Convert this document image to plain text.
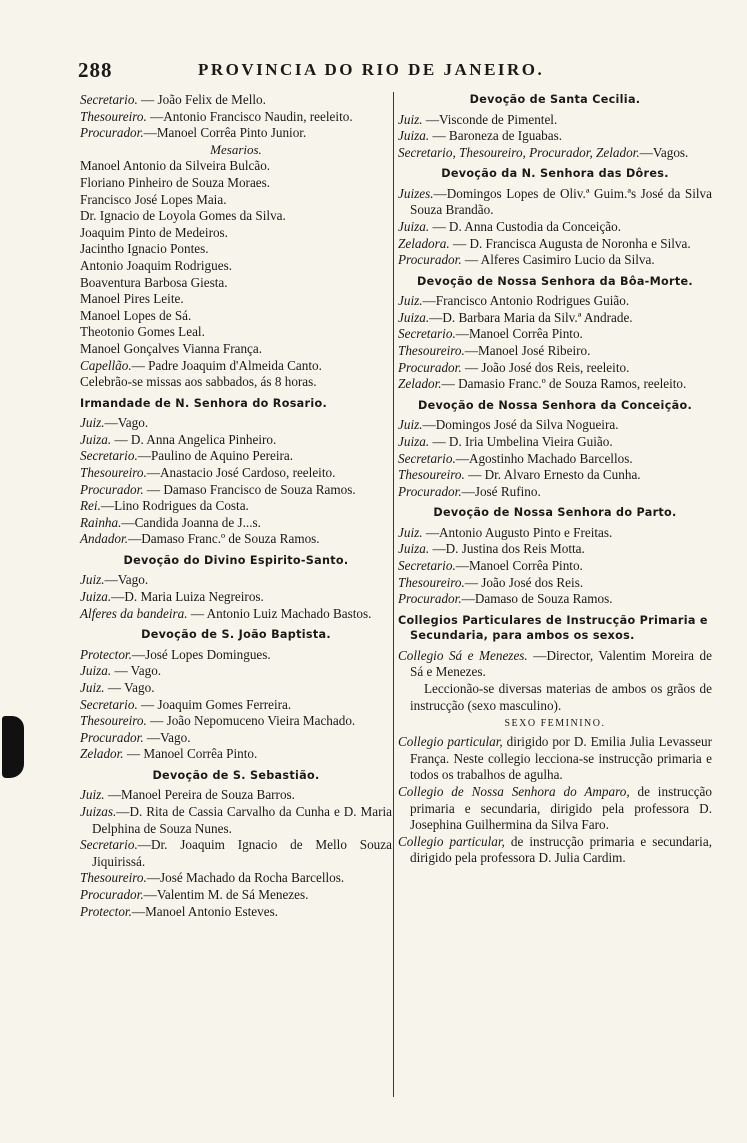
288	PROVINCIA DO RIO DE JANEIRO.
Secretario. — João Felix de Mello.
Thesoureiro. —Antonio Francisco Naudin, reeleito.
Procurador.—Manoel Corrêa Pinto Junior.
Mesarios.
Manoel Antonio da Silveira Bulcão.
Floriano Pinheiro de Souza Moraes.
Francisco José Lopes Maia.
Dr. Ignacio de Loyola Gomes da Silva.
Joaquim Pinto de Medeiros.
Jacintho Ignacio Pontes.
Antonio Joaquim Rodrigues.
Boaventura Barbosa Giesta.
Manoel Pires Leite.
Manoel Lopes de Sá.
Theotonio Gomes Leal.
Manoel Gonçalves Vianna França.
Capellão.— Padre Joaquim d'Almeida Canto.
Celebrão-se missas aos sabbados, ás 8 horas.
Irmandade de N. Senhora do Rosario.
Juiz.—Vago.
Juiza. — D. Anna Angelica Pinheiro.
Secretario.—Paulino de Aquino Pereira.
Thesoureiro.—Anastacio José Cardoso, reeleito.
Procurador. — Damaso Francisco de Souza Ramos.
Rei.—Lino Rodrigues da Costa.
Rainha.—Candida Joanna de J...s.
Andador.—Damaso Franc.º de Souza Ramos.
Devoção do Divino Espirito-Santo.
Juiz.—Vago.
Juiza.—D. Maria Luiza Negreiros.
Alferes da bandeira. — Antonio Luiz Machado Bastos.
Devoção de S. João Baptista.
Protector.—José Lopes Domingues.
Juiza. — Vago.
Juiz. — Vago.
Secretario. — Joaquim Gomes Ferreira.
Thesoureiro. — João Nepomuceno Vieira Machado.
Procurador. —Vago.
Zelador. — Manoel Corrêa Pinto.
Devoção de S. Sebastião.
Juiz. —Manoel Pereira de Souza Barros.
Juizas.—D. Rita de Cassia Carvalho da Cunha e D. Maria Delphina de Souza Nunes.
Secretario.—Dr. Joaquim Ignacio de Mello Souza Jiquirissá.
Thesoureiro.—José Machado da Rocha Barcellos.
Procurador.—Valentim M. de Sá Menezes.
Protector.—Manoel Antonio Esteves.
Devoção de Santa Cecilia.
Juiz. —Visconde de Pimentel.
Juiza. — Baroneza de Iguabas.
Secretario, Thesoureiro, Procurador, Zelador.—Vagos.
Devoção da N. Senhora das Dôres.
Juizes.—Domingos Lopes de Oliv.ª Guim.ªs José da Silva Souza Brandão.
Juiza. — D. Anna Custodia da Conceição.
Zeladora. — D. Francisca Augusta de Noronha e Silva.
Procurador. — Alferes Casimiro Lucio da Silva.
Devoção de Nossa Senhora da Bôa-Morte.
Juiz.—Francisco Antonio Rodrigues Guião.
Juiza.—D. Barbara Maria da Silv.ª Andrade.
Secretario.—Manoel Corrêa Pinto.
Thesoureiro.—Manoel José Ribeiro.
Procurador. — João José dos Reis, reeleito.
Zelador.— Damasio Franc.º de Souza Ramos, reeleito.
Devoção de Nossa Senhora da Conceição.
Juiz.—Domingos José da Silva Nogueira.
Juiza. — D. Iria Umbelina Vieira Guião.
Secretario.—Agostinho Machado Barcellos.
Thesoureiro. — Dr. Alvaro Ernesto da Cunha.
Procurador.—José Rufino.
Devoção de Nossa Senhora do Parto.
Juiz. —Antonio Augusto Pinto e Freitas.
Juiza. —D. Justina dos Reis Motta.
Secretario.—Manoel Corrêa Pinto.
Thesoureiro.— João José dos Reis.
Procurador.—Damaso de Souza Ramos.
Collegios Particulares de Instrucção Primaria e Secundaria, para ambos os sexos.
Collegio Sá e Menezes. —Director, Valentim Moreira de Sá e Menezes.
Leccionão-se diversas materias de ambos os grãos de instrucção (sexo masculino).
SEXO FEMININO.
Collegio particular, dirigido por D. Emilia Julia Levasseur França. Neste collegio lecciona-se instrucção primaria e todos os trabalhos de agulha.
Collegio de Nossa Senhora do Amparo, de instrucção primaria e secundaria, dirigido pela professora D. Josephina Guilhermina da Silva Faro.
Collegio particular, de instrucção primaria e secundaria, dirigido pela professora D. Julia Cardim.
